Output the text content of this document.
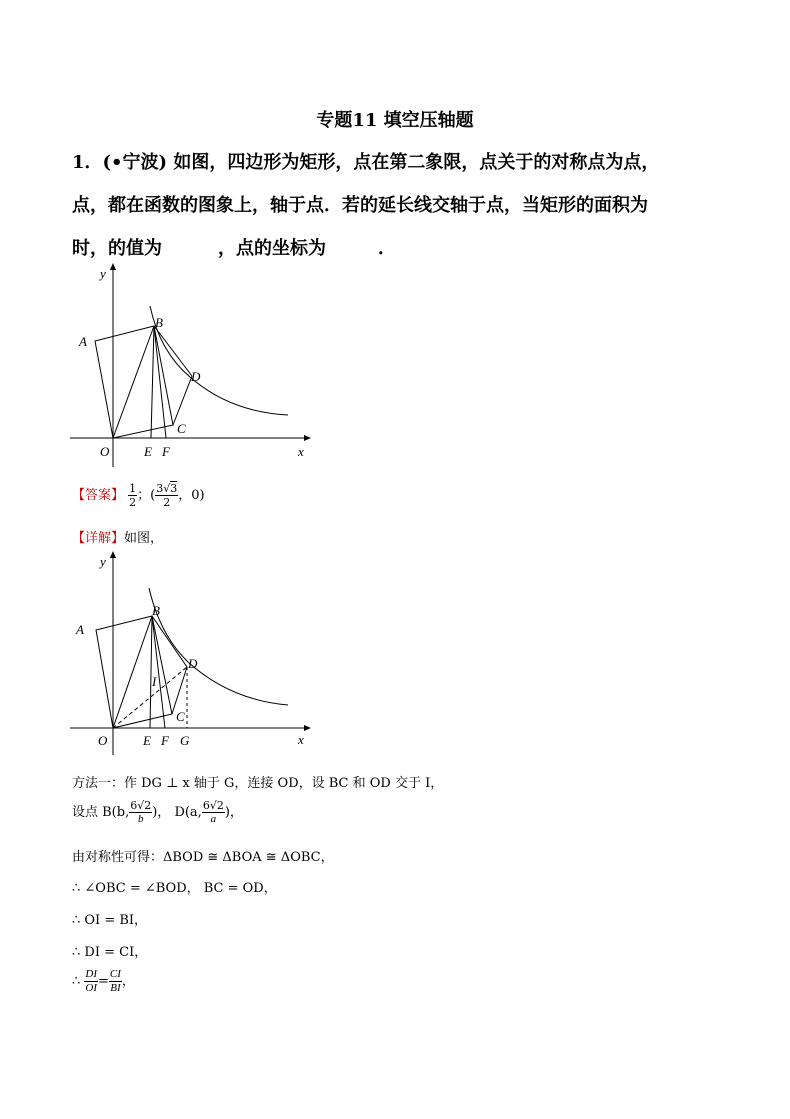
专题11 填空压轴题
1．(•宁波) 如图，四边形为矩形，点在第二象限，点关于的对称点为点，
点，都在函数的图象上，轴于点．若的延长线交轴于点，当矩形的面积为
时，的值为	，点的坐标为	．
y
x
O
A
B
D
C
E F
【答案】 $\frac{1}{2}$ ；( $\frac{3√3}{2}$ ，0)
【详解】如图，
y
x
O
A
B
D
C
I
E F G
方法一：作 DG ⊥ x 轴于 G，连接 OD，设 BC 和 OD 交于 I，
设点 B(b, $\frac{6√2}{b}$ )， D(a, $\frac{6√2}{a}$ )，
由对称性可得：ΔBOD ≅ ΔBOA ≅ ΔOBC，
∴ ∠OBC = ∠BOD， BC = OD，
∴ OI = BI，
∴ DI = CI，
∴ $\frac{DI}{OI} = \frac{CI}{BI}$ ，
